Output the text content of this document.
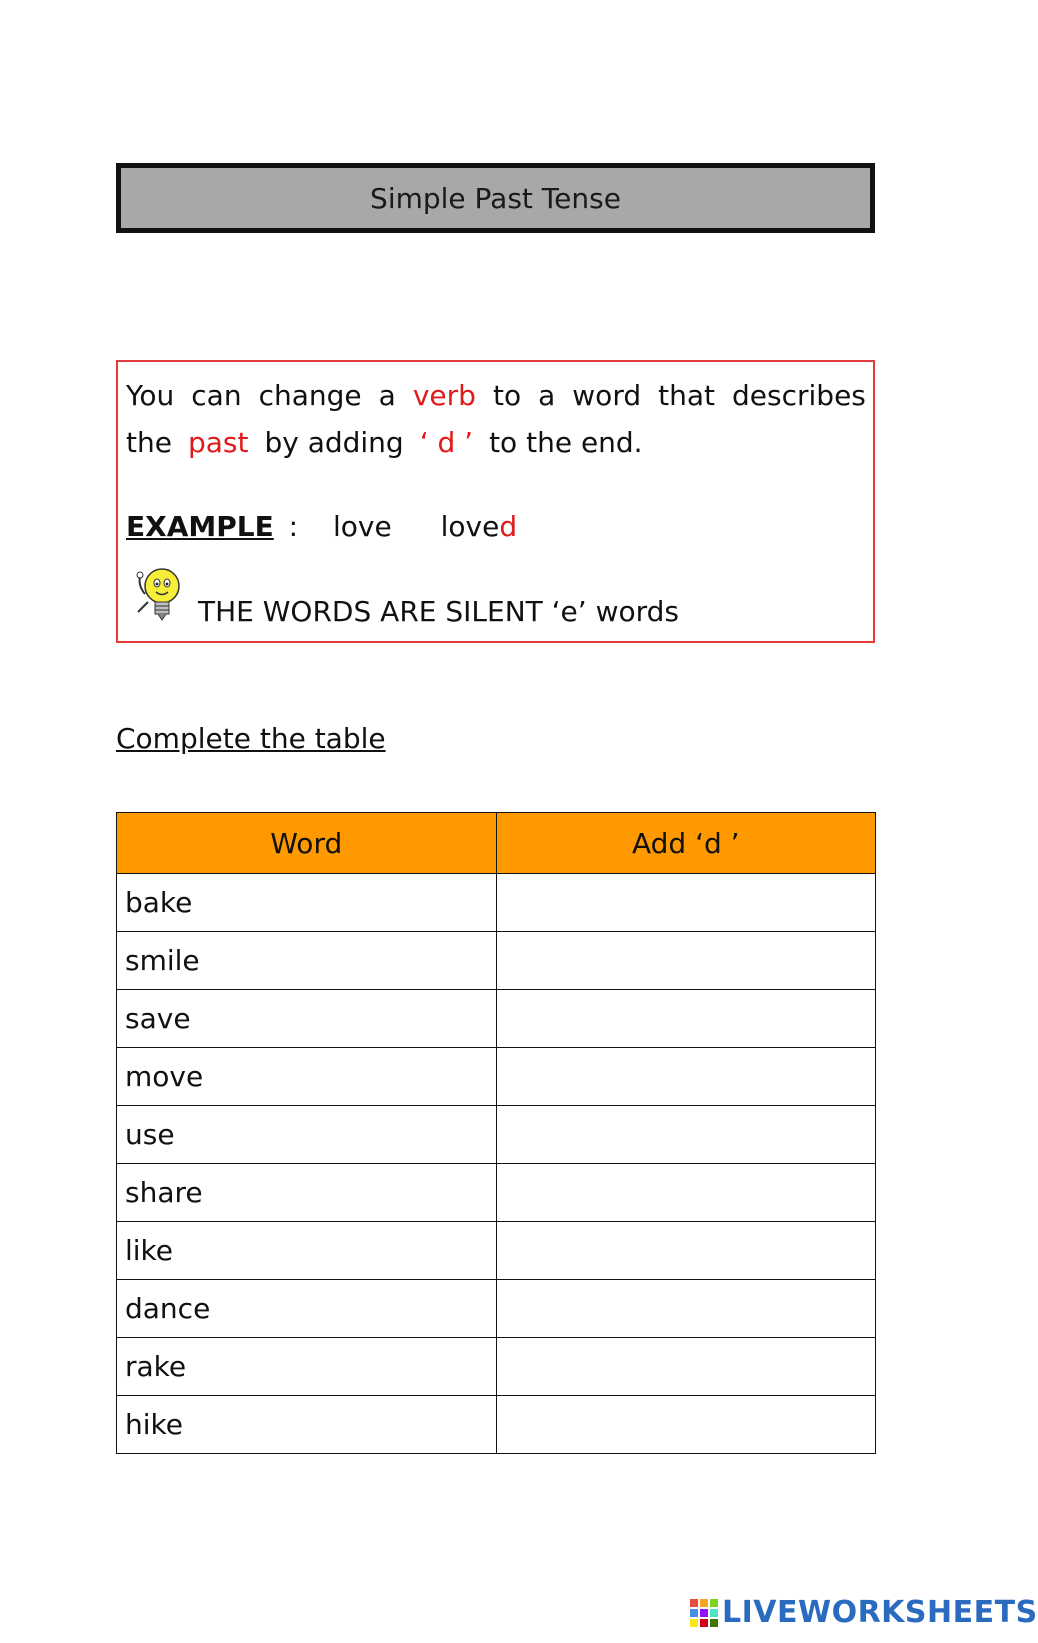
Simple Past Tense
You can change a verb to a word that describes
the past by adding ‘ d ’ to the end.
EXAMPLE : love loved
THE WORDS ARE SILENT ‘e’ words
Complete the table
Word	Add ‘d ’
bake	
smile	
save	
move	
use	
share	
like	
dance	
rake	
hike	
LIVEWORKSHEETS
